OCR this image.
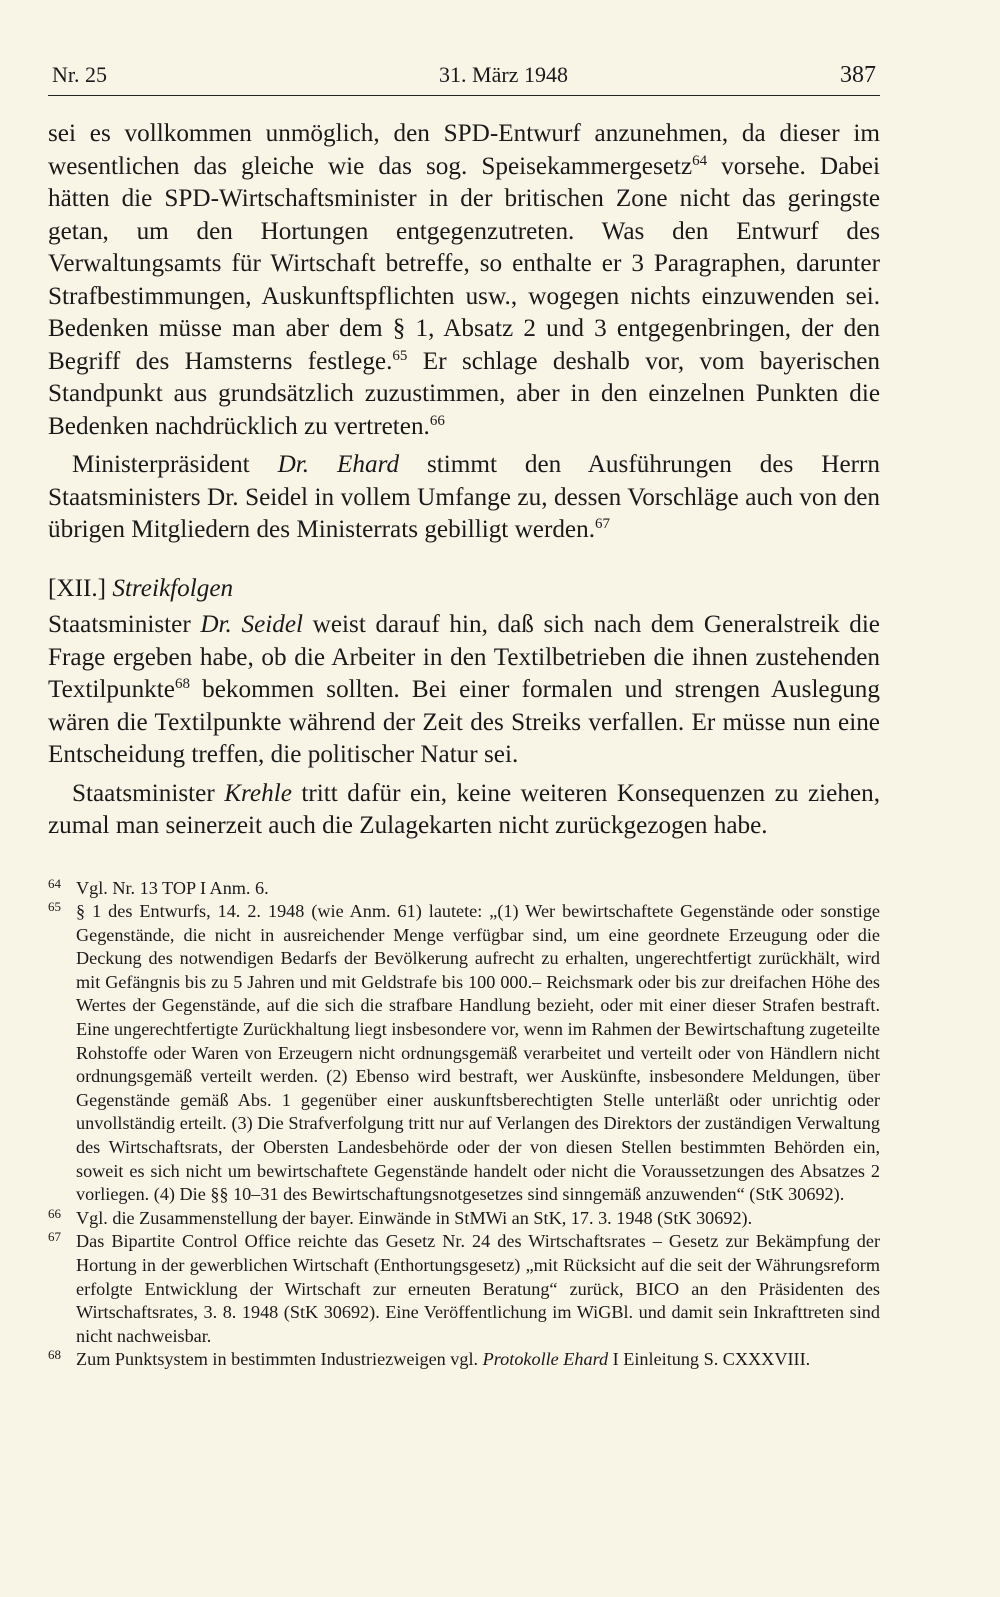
Nr. 25	31. März 1948	387

sei es vollkommen unmöglich, den SPD-Entwurf anzunehmen, da dieser im wesentlichen das gleiche wie das sog. Speisekammergesetz$^{64}$ vorsehe. Dabei hätten die SPD-Wirtschaftsminister in der britischen Zone nicht das geringste getan, um den Hortungen entgegenzutreten. Was den Entwurf des Verwaltungsamts für Wirtschaft betreffe, so enthalte er 3 Paragraphen, darunter Strafbestimmungen, Auskunftspflichten usw., wogegen nichts einzuwenden sei. Bedenken müsse man aber dem § 1, Absatz 2 und 3 entgegenbringen, der den Begriff des Hamsterns festlege.$^{65}$ Er schlage deshalb vor, vom bayerischen Standpunkt aus grundsätzlich zuzustimmen, aber in den einzelnen Punkten die Bedenken nachdrücklich zu vertreten.$^{66}$

Ministerpräsident Dr. Ehard stimmt den Ausführungen des Herrn Staatsministers Dr. Seidel in vollem Umfange zu, dessen Vorschläge auch von den übrigen Mitgliedern des Ministerrats gebilligt werden.$^{67}$

[XII.] Streikfolgen

Staatsminister Dr. Seidel weist darauf hin, daß sich nach dem Generalstreik die Frage ergeben habe, ob die Arbeiter in den Textilbetrieben die ihnen zustehenden Textilpunkte$^{68}$ bekommen sollten. Bei einer formalen und strengen Auslegung wären die Textilpunkte während der Zeit des Streiks verfallen. Er müsse nun eine Entscheidung treffen, die politischer Natur sei.

Staatsminister Krehle tritt dafür ein, keine weiteren Konsequenzen zu ziehen, zumal man seinerzeit auch die Zulagekarten nicht zurückgezogen habe.

64 Vgl. Nr. 13 TOP I Anm. 6.
65 § 1 des Entwurfs, 14. 2. 1948 (wie Anm. 61) lautete: „(1) Wer bewirtschaftete Gegenstände oder sonstige Gegenstände, die nicht in ausreichender Menge verfügbar sind, um eine geordnete Erzeugung oder die Deckung des notwendigen Bedarfs der Bevölkerung aufrecht zu erhalten, ungerechtfertigt zurückhält, wird mit Gefängnis bis zu 5 Jahren und mit Geldstrafe bis 100 000.– Reichsmark oder bis zur dreifachen Höhe des Wertes der Gegenstände, auf die sich die strafbare Handlung bezieht, oder mit einer dieser Strafen bestraft. Eine ungerechtfertigte Zurückhaltung liegt insbesondere vor, wenn im Rahmen der Bewirtschaftung zugeteilte Rohstoffe oder Waren von Erzeugern nicht ordnungsgemäß verarbeitet und verteilt oder von Händlern nicht ordnungsgemäß verteilt werden. (2) Ebenso wird bestraft, wer Auskünfte, insbesondere Meldungen, über Gegenstände gemäß Abs. 1 gegenüber einer auskunftsberechtigten Stelle unterläßt oder unrichtig oder unvollständig erteilt. (3) Die Strafverfolgung tritt nur auf Verlangen des Direktors der zuständigen Verwaltung des Wirtschaftsrats, der Obersten Landesbehörde oder der von diesen Stellen bestimmten Behörden ein, soweit es sich nicht um bewirtschaftete Gegenstände handelt oder nicht die Voraussetzungen des Absatzes 2 vorliegen. (4) Die §§ 10–31 des Bewirtschaftungsnotgesetzes sind sinngemäß anzuwenden“ (StK 30692).
66 Vgl. die Zusammenstellung der bayer. Einwände in StMWi an StK, 17. 3. 1948 (StK 30692).
67 Das Bipartite Control Office reichte das Gesetz Nr. 24 des Wirtschaftsrates – Gesetz zur Bekämpfung der Hortung in der gewerblichen Wirtschaft (Enthortungsgesetz) „mit Rücksicht auf die seit der Währungsreform erfolgte Entwicklung der Wirtschaft zur erneuten Beratung“ zurück, BICO an den Präsidenten des Wirtschaftsrates, 3. 8. 1948 (StK 30692). Eine Veröffentlichung im WiGBl. und damit sein Inkrafttreten sind nicht nachweisbar.
68 Zum Punktsystem in bestimmten Industriezweigen vgl. Protokolle Ehard I Einleitung S. CXXXVIII.
